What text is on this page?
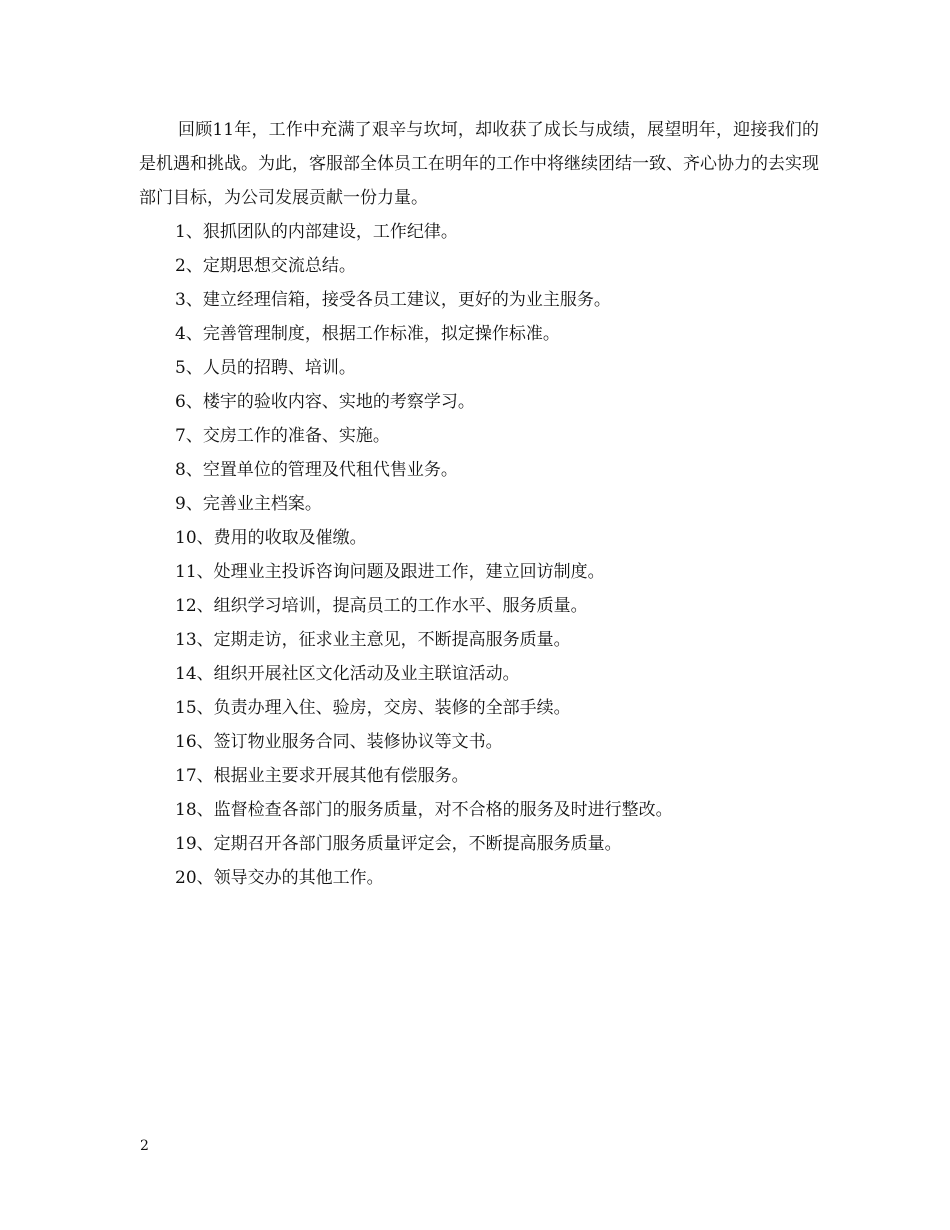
回顾11年，工作中充满了艰辛与坎坷，却收获了成长与成绩，展望明年，迎接我们的是机遇和挑战。为此，客服部全体员工在明年的工作中将继续团结一致、齐心协力的去实现部门目标，为公司发展贡献一份力量。

1、狠抓团队的内部建设，工作纪律。
2、定期思想交流总结。
3、建立经理信箱，接受各员工建议，更好的为业主服务。
4、完善管理制度，根据工作标准，拟定操作标准。
5、人员的招聘、培训。
6、楼宇的验收内容、实地的考察学习。
7、交房工作的准备、实施。
8、空置单位的管理及代租代售业务。
9、完善业主档案。
10、费用的收取及催缴。
11、处理业主投诉咨询问题及跟进工作，建立回访制度。
12、组织学习培训，提高员工的工作水平、服务质量。
13、定期走访，征求业主意见，不断提高服务质量。
14、组织开展社区文化活动及业主联谊活动。
15、负责办理入住、验房，交房、装修的全部手续。
16、签订物业服务合同、装修协议等文书。
17、根据业主要求开展其他有偿服务。
18、监督检查各部门的服务质量，对不合格的服务及时进行整改。
19、定期召开各部门服务质量评定会，不断提高服务质量。
20、领导交办的其他工作。
2
